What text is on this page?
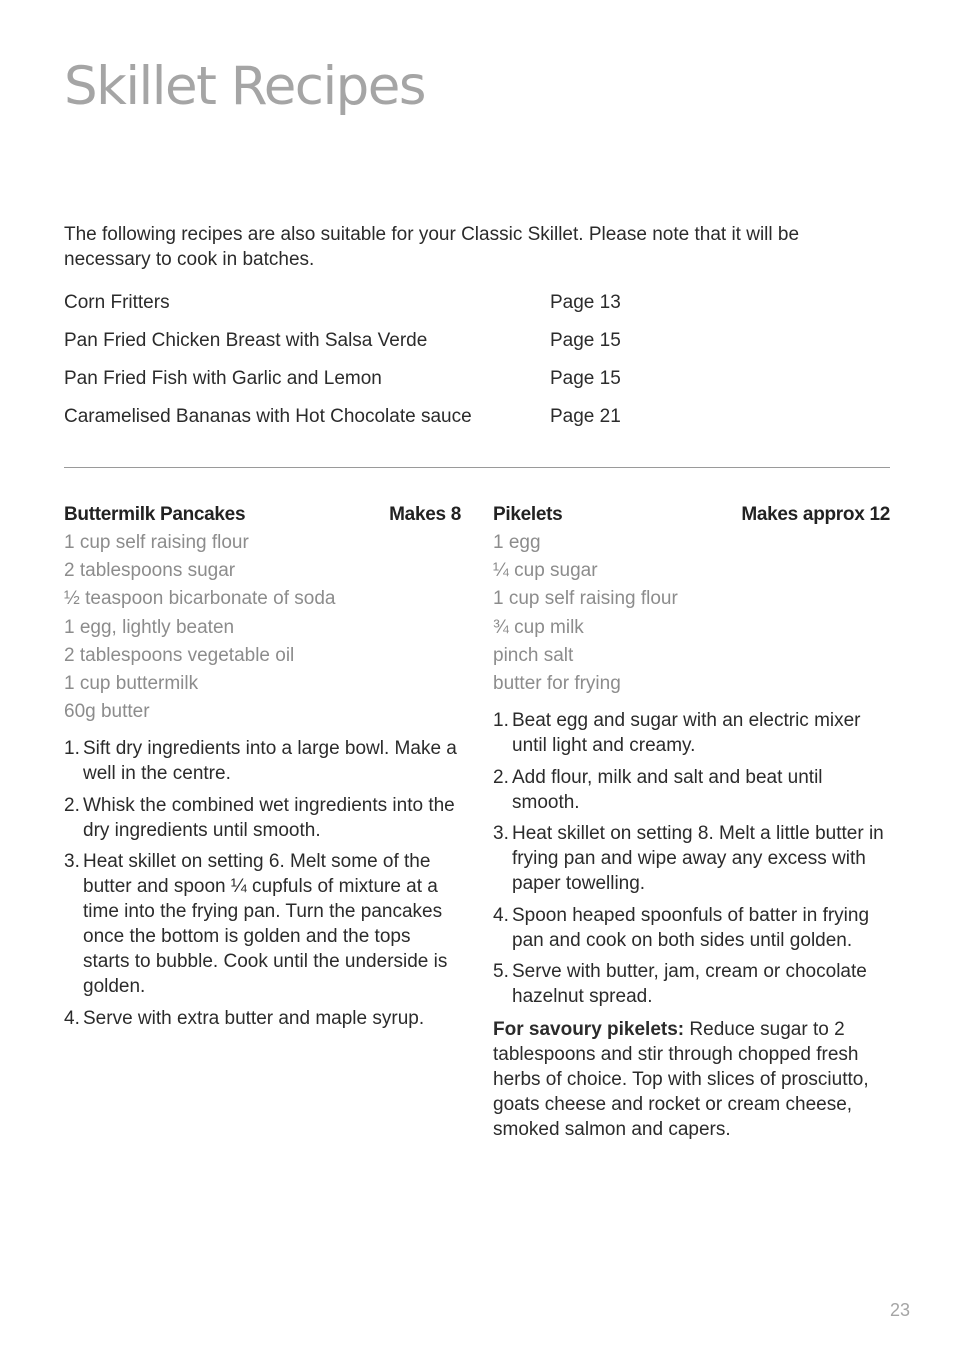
Skillet Recipes

The following recipes are also suitable for your Classic Skillet. Please note that it will be necessary to cook in batches.

Corn Fritters	Page 13
Pan Fried Chicken Breast with Salsa Verde	Page 15
Pan Fried Fish with Garlic and Lemon	Page 15
Caramelised Bananas with Hot Chocolate sauce	Page 21
Buttermilk Pancakes	Makes 8
1 cup self raising flour
2 tablespoons sugar
½ teaspoon bicarbonate of soda
1 egg, lightly beaten
2 tablespoons vegetable oil
1 cup buttermilk
60g butter
1. Sift dry ingredients into a large bowl. Make a well in the centre.
2. Whisk the combined wet ingredients into the dry ingredients until smooth.
3. Heat skillet on setting 6. Melt some of the butter and spoon ¼ cupfuls of mixture at a time into the frying pan. Turn the pancakes once the bottom is golden and the tops starts to bubble. Cook until the underside is golden.
4. Serve with extra butter and maple syrup.
Pikelets	Makes approx 12
1 egg
¼ cup sugar
1 cup self raising flour
¾ cup milk
pinch salt
butter for frying
1. Beat egg and sugar with an electric mixer until light and creamy.
2. Add flour, milk and salt and beat until smooth.
3. Heat skillet on setting 8. Melt a little butter in frying pan and wipe away any excess with paper towelling.
4. Spoon heaped spoonfuls of batter in frying pan and cook on both sides until golden.
5. Serve with butter, jam, cream or chocolate hazelnut spread.

For savoury pikelets: Reduce sugar to 2 tablespoons and stir through chopped fresh herbs of choice. Top with slices of prosciutto, goats cheese and rocket or cream cheese, smoked salmon and capers.

23
